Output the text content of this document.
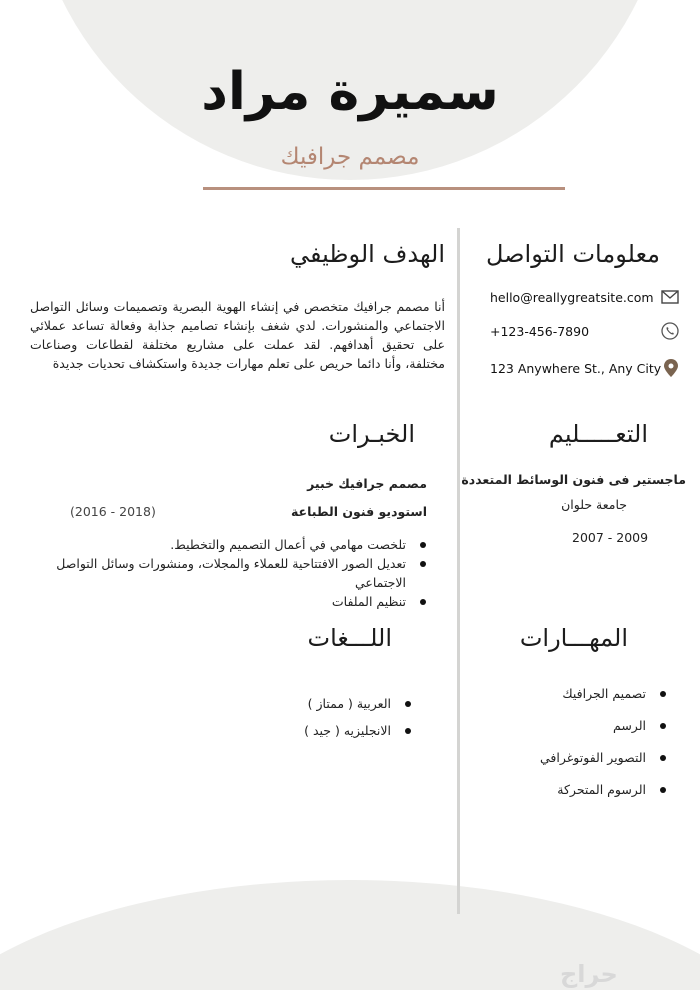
سميرة مراد
مصمم جرافيك
معلومات التواصل
hello@reallygreatsite.com
+123-456-7890
123 Anywhere St., Any City
الهدف الوظيفي

أنا مصمم جرافيك متخصص في إنشاء الهوية البصرية وتصميمات وسائل التواصل الاجتماعي والمنشورات. لدي شغف بإنشاء تصاميم جذابة وفعالة تساعد عملائي على تحقيق أهدافهم. لقد عملت على مشاريع مختلفة لقطاعات وصناعات مختلفة، وأنا دائما حريص على تعلم مهارات جديدة واستكشاف تحديات جديدة

التعـــــليم
ماجستير فى فنون الوسائط المتعددة
جامعة حلوان
2007 - 2009
الخبـرات
مصمم جرافيك خبير
استوديو فنون الطباعة
(2016 - 2018)
تلخصت مهامي في أعمال التصميم والتخطيط.
تعديل الصور الافتتاحية للعملاء والمجلات، ومنشورات وسائل التواصل الاجتماعي
تنظيم الملفات
المهـــارات
تصميم الجرافيك
الرسم
التصوير الفوتوغرافي
الرسوم المتحركة
اللـــغات
العربية ( ممتاز )
الانجليزيه ( جيد )
حراج
